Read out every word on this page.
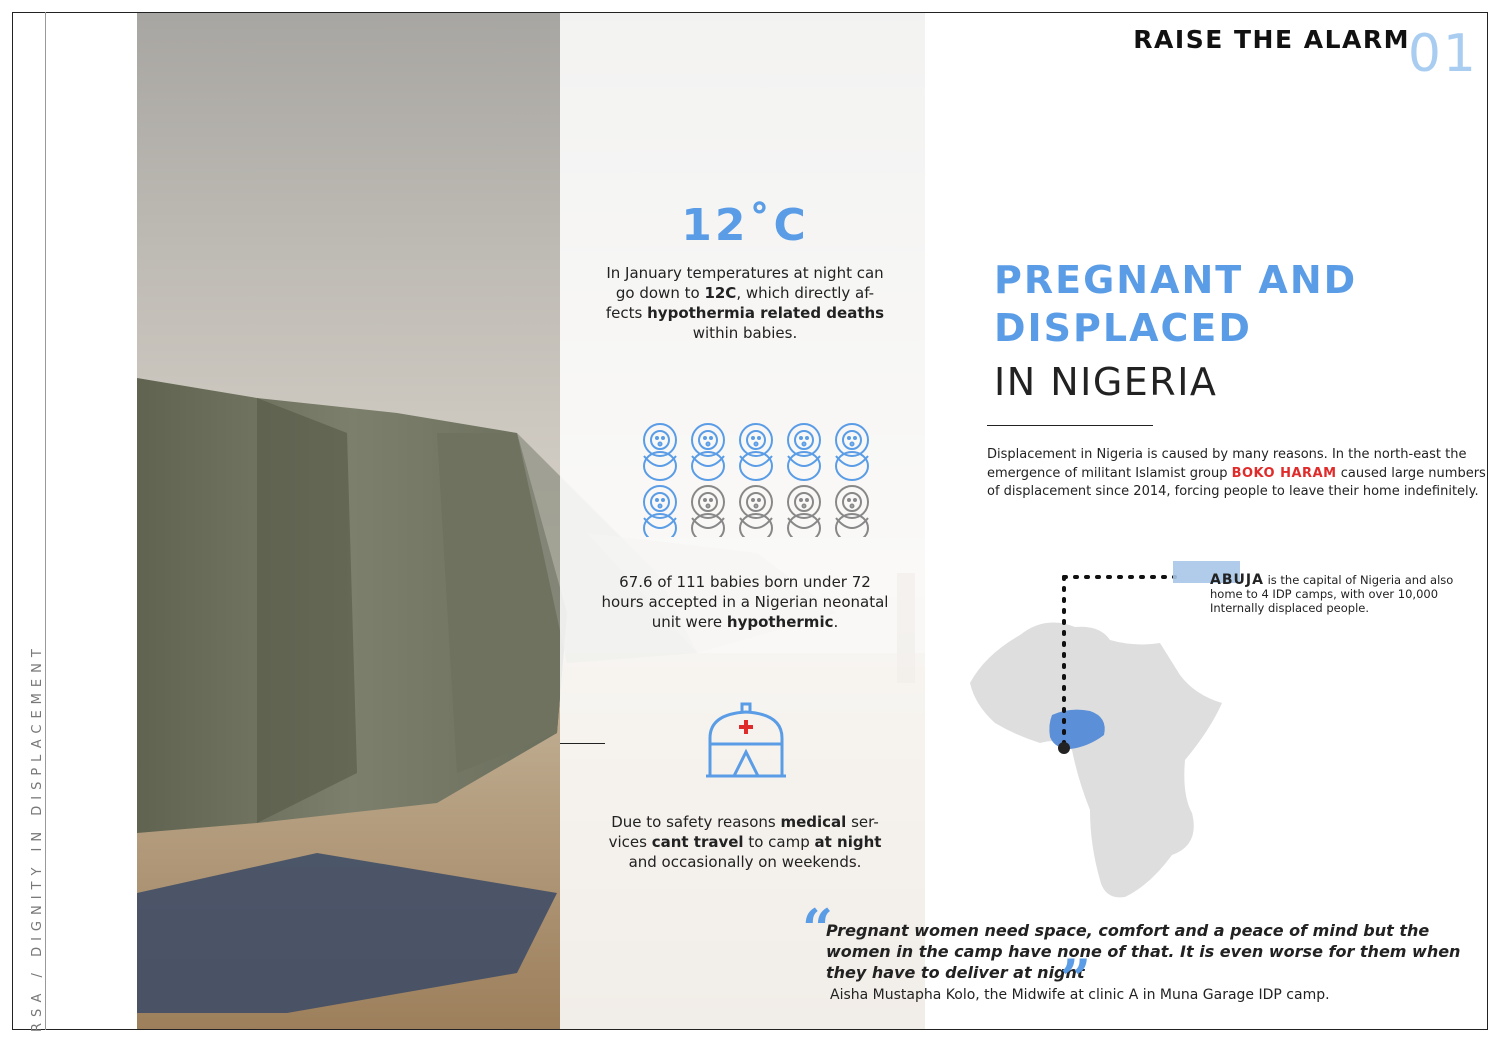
RSA / DIGNITY IN DISPLACEMENT
RAISE THE ALARM
01
12˚C
In January temperatures at night can go down to 12C, which directly af-fects hypothermia related deaths within babies.
67.6 of 111 babies born under 72 hours accepted in a Nigerian neonatal unit were hypothermic.
Due to safety reasons medical ser-vices cant travel to camp at night and occasionally on weekends.
PREGNANT AND
DISPLACED
IN NIGERIA
Displacement in Nigeria is caused by many reasons. In the north-east the emergence of militant Islamist group BOKO HARAM caused large numbers of displacement since 2014, forcing people to leave their home indefinitely.
ABUJA is the capital of Nigeria and also home to 4 IDP camps, with over 10,000 Internally displaced people.
“
Pregnant women need space, comfort and a peace of mind but the women in the camp have none of that. It is even worse for them when they have to deliver at night
”
Aisha Mustapha Kolo, the Midwife at clinic A in Muna Garage IDP camp.
